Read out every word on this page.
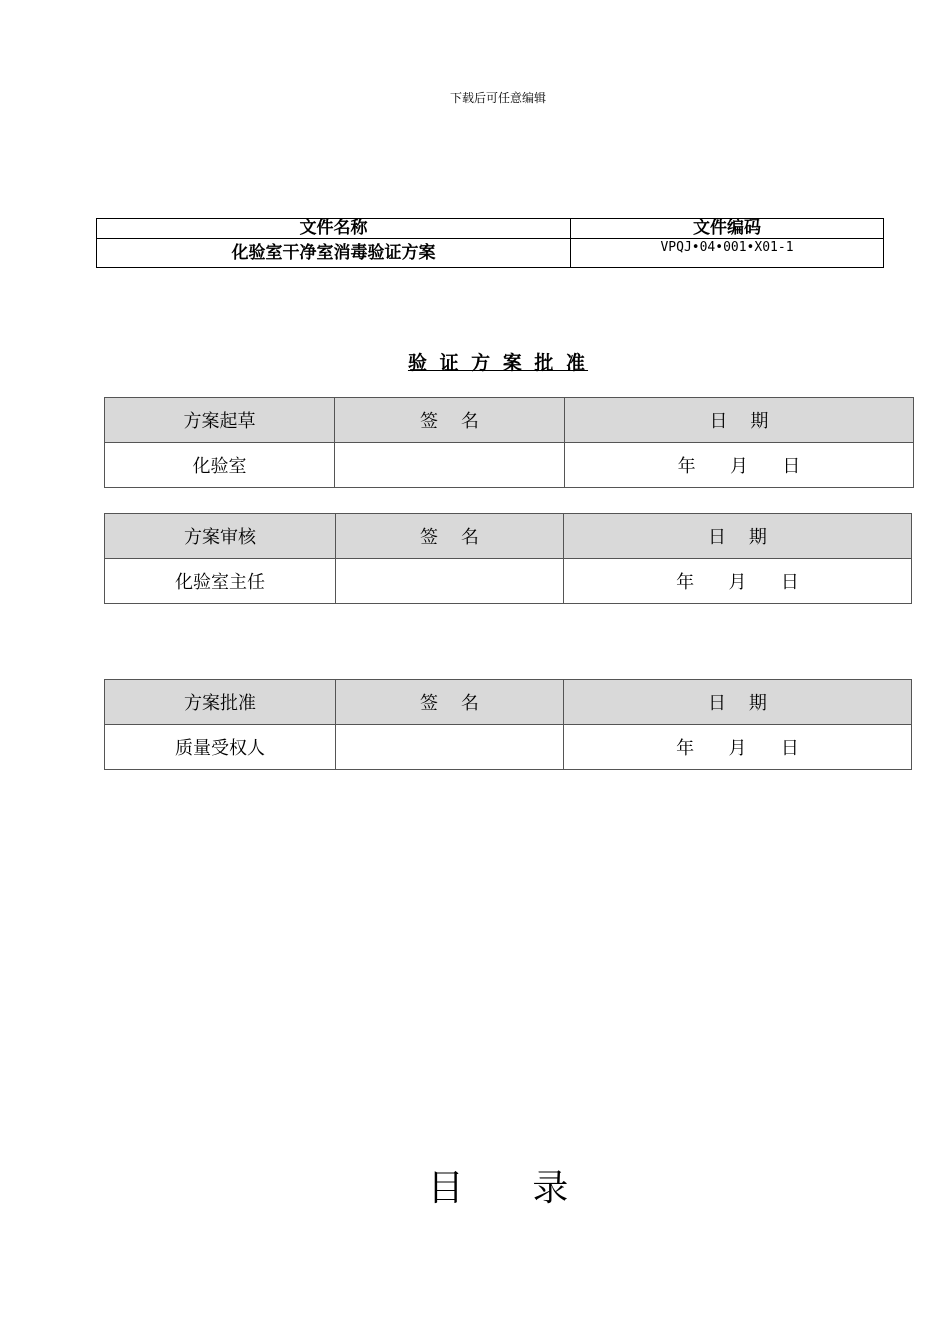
下载后可任意编辑
文件名称	文件编码
化验室干净室消毒验证方案	VPQJ•04•001•X01-1
验 证 方 案 批 准
方案起草	签    名	日    期
化验室		年      月      日
方案审核	签    名	日    期
化验室主任		年      月      日
方案批准	签    名	日    期
质量受权人		年      月      日
目      录
